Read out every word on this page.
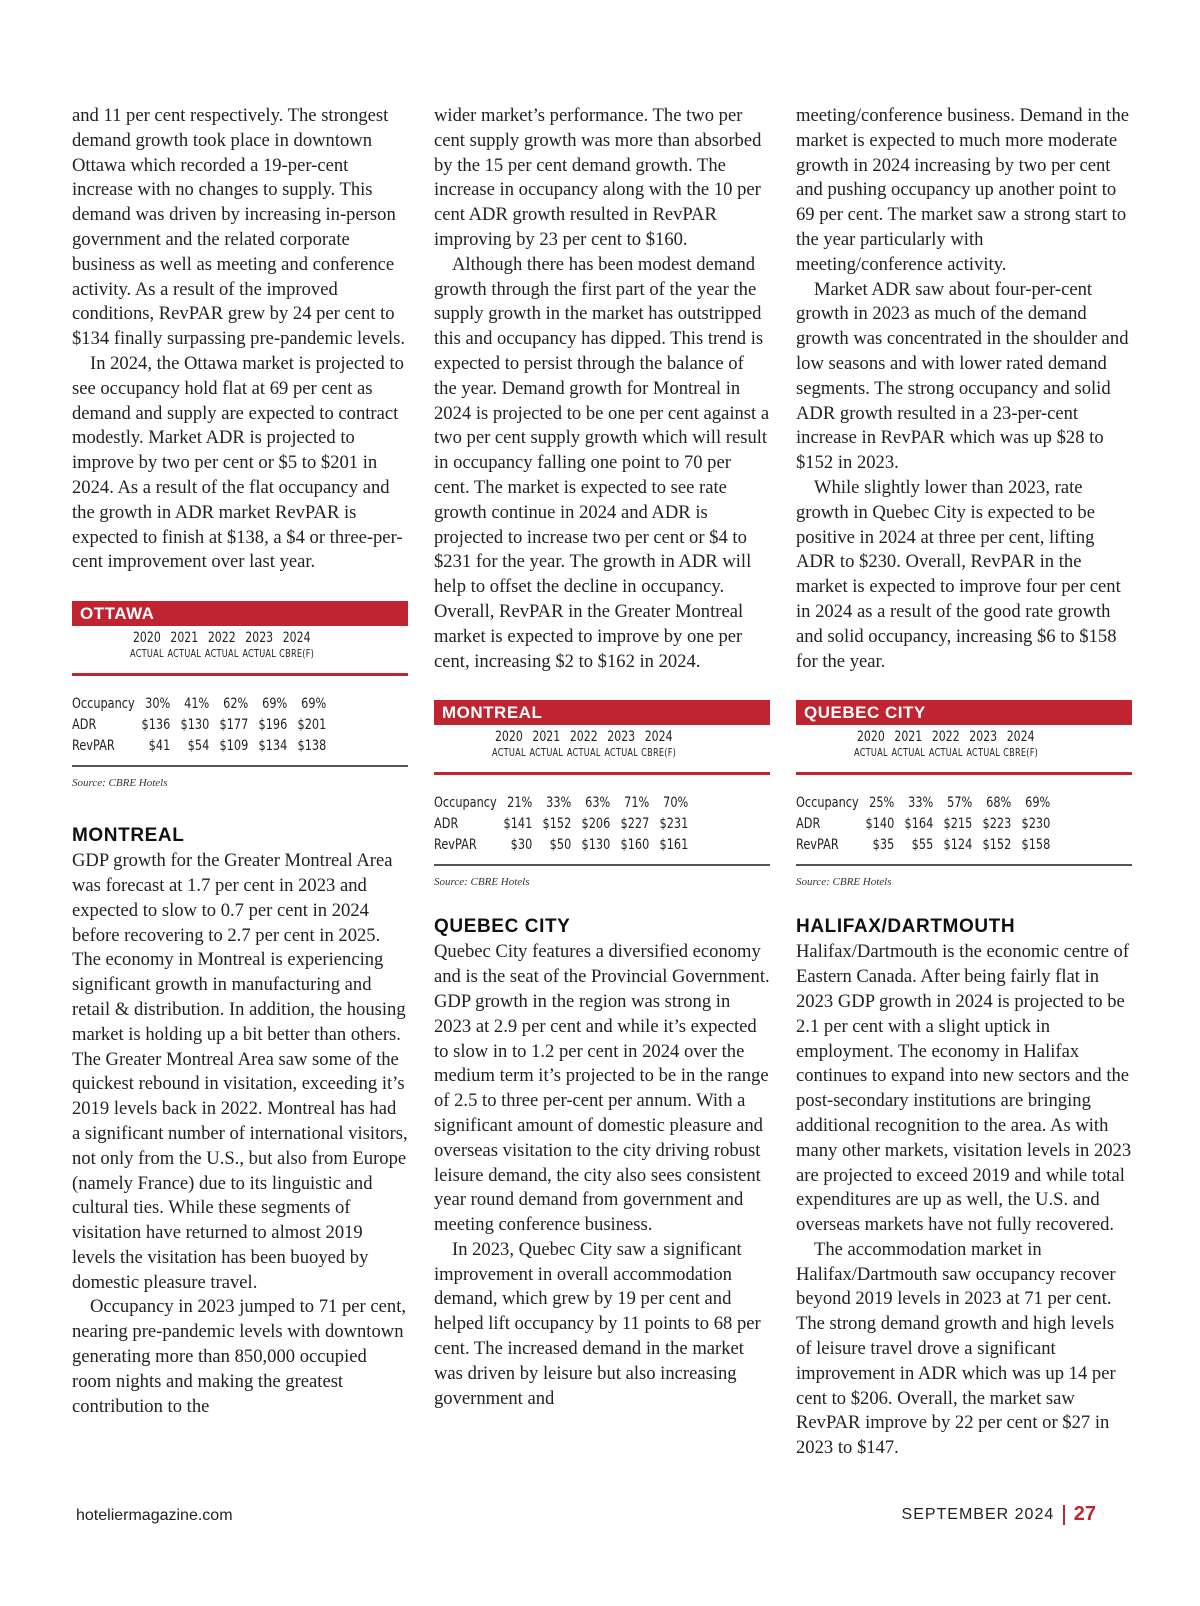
and 11 per cent respectively. The strongest demand growth took place in downtown Ottawa which recorded a 19-per-cent increase with no changes to supply. This demand was driven by increasing in-person government and the related corporate business as well as meeting and conference activity. As a result of the improved conditions, RevPAR grew by 24 per cent to $134 finally surpassing pre-pandemic levels.

In 2024, the Ottawa market is projected to see occupancy hold flat at 69 per cent as demand and supply are expected to contract modestly. Market ADR is projected to improve by two per cent or $5 to $201 in 2024. As a result of the flat occupancy and the growth in ADR market RevPAR is expected to finish at $138, a $4 or three-per-cent improvement over last year.

OTTAWA
2020 2021 2022 2023 2024
ACTUAL ACTUAL ACTUAL ACTUAL CBRE(F)
Occupancy 30% 41% 62% 69% 69%
ADR	$136 $130 $177 $196 $201
RevPAR	$41	$54 $109 $134 $138
Source: CBRE Hotels
MONTREAL

GDP growth for the Greater Montreal Area was forecast at 1.7 per cent in 2023 and expected to slow to 0.7 per cent in 2024 before recovering to 2.7 per cent in 2025. The economy in Montreal is experiencing significant growth in manufacturing and retail & distribution. In addition, the housing market is holding up a bit better than others. The Greater Montreal Area saw some of the quickest rebound in visitation, exceeding it’s 2019 levels back in 2022. Montreal has had a significant number of international visitors, not only from the U.S., but also from Europe (namely France) due to its linguistic and cultural ties. While these segments of visitation have returned to almost 2019 levels the visitation has been buoyed by domestic pleasure travel.

Occupancy in 2023 jumped to 71 per cent, nearing pre-pandemic levels with downtown generating more than 850,000 occupied room nights and making the greatest contribution to the

wider market’s performance. The two per cent supply growth was more than absorbed by the 15 per cent demand growth. The increase in occupancy along with the 10 per cent ADR growth resulted in RevPAR improving by 23 per cent to $160.

Although there has been modest demand growth through the first part of the year the supply growth in the market has outstripped this and occupancy has dipped. This trend is expected to persist through the balance of the year. Demand growth for Montreal in 2024 is projected to be one per cent against a two per cent supply growth which will result in occupancy falling one point to 70 per cent. The market is expected to see rate growth continue in 2024 and ADR is projected to increase two per cent or $4 to $231 for the year. The growth in ADR will help to offset the decline in occupancy. Overall, RevPAR in the Greater Montreal market is expected to improve by one per cent, increasing $2 to $162 in 2024.

MONTREAL
2020 2021 2022 2023 2024
ACTUAL ACTUAL ACTUAL ACTUAL CBRE(F)
Occupancy 21% 33% 63% 71% 70%
ADR	$141 $152 $206 $227 $231
RevPAR	$30	$50 $130 $160 $161
Source: CBRE Hotels
QUEBEC CITY

Quebec City features a diversified economy and is the seat of the Provincial Government. GDP growth in the region was strong in 2023 at 2.9 per cent and while it’s expected to slow in to 1.2 per cent in 2024 over the medium term it’s projected to be in the range of 2.5 to three per-cent per annum. With a significant amount of domestic pleasure and overseas visitation to the city driving robust leisure demand, the city also sees consistent year round demand from government and meeting conference business.

In 2023, Quebec City saw a significant improvement in overall accommodation demand, which grew by 19 per cent and helped lift occupancy by 11 points to 68 per cent. The increased demand in the market was driven by leisure but also increasing government and

meeting/conference business. Demand in the market is expected to much more moderate growth in 2024 increasing by two per cent and pushing occupancy up another point to 69 per cent. The market saw a strong start to the year particularly with meeting/conference activity.

Market ADR saw about four-per-cent growth in 2023 as much of the demand growth was concentrated in the shoulder and low seasons and with lower rated demand segments. The strong occupancy and solid ADR growth resulted in a 23-per-cent increase in RevPAR which was up $28 to $152 in 2023.

While slightly lower than 2023, rate growth in Quebec City is expected to be positive in 2024 at three per cent, lifting ADR to $230. Overall, RevPAR in the market is expected to improve four per cent in 2024 as a result of the good rate growth and solid occupancy, increasing $6 to $158 for the year.

QUEBEC CITY
2020 2021 2022 2023 2024
ACTUAL ACTUAL ACTUAL ACTUAL CBRE(F)
Occupancy 25% 33% 57% 68% 69%
ADR	$140 $164 $215 $223 $230
RevPAR	$35	$55 $124 $152 $158
Source: CBRE Hotels
HALIFAX/DARTMOUTH

Halifax/Dartmouth is the economic centre of Eastern Canada. After being fairly flat in 2023 GDP growth in 2024 is projected to be 2.1 per cent with a slight uptick in employment. The economy in Halifax continues to expand into new sectors and the post-secondary institutions are bringing additional recognition to the area. As with many other markets, visitation levels in 2023 are projected to exceed 2019 and while total expenditures are up as well, the U.S. and overseas markets have not fully recovered.

The accommodation market in Halifax/Dartmouth saw occupancy recover beyond 2019 levels in 2023 at 71 per cent. The strong demand growth and high levels of leisure travel drove a significant improvement in ADR which was up 14 per cent to $206. Overall, the market saw RevPAR improve by 22 per cent or $27 in 2023 to $147.

hoteliermagazine.com	SEPTEMBER 2024 27
